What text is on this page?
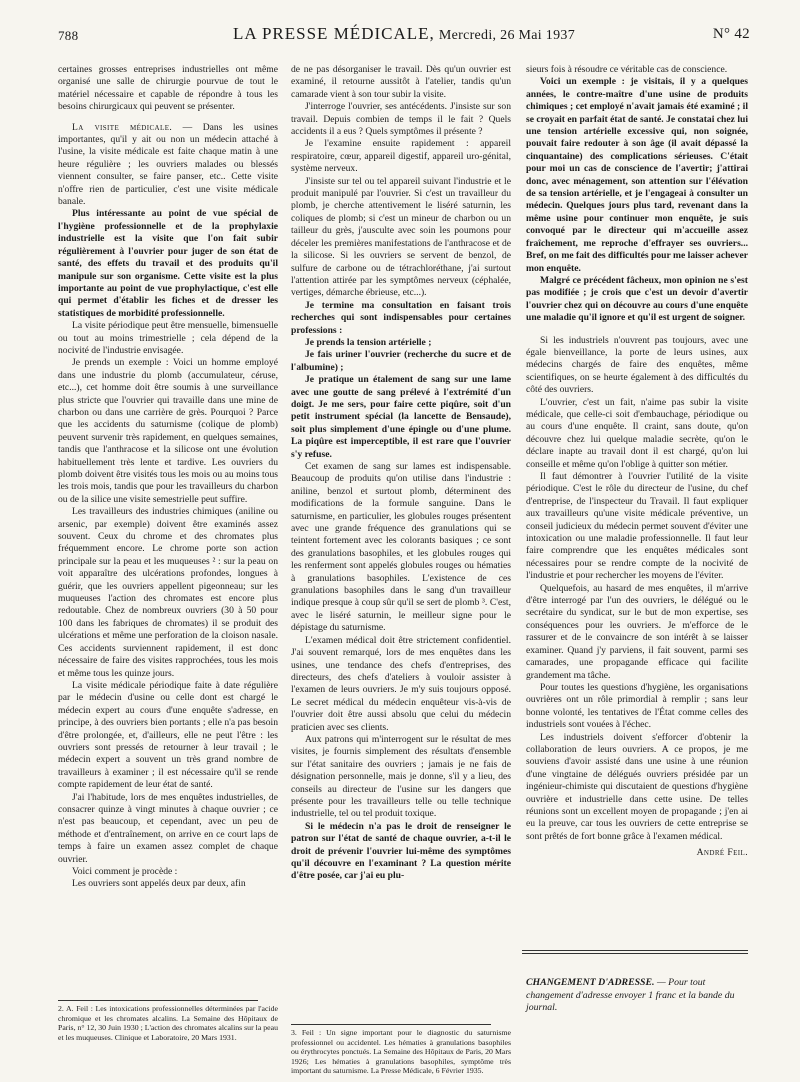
788	LA PRESSE MÉDICALE, Mercredi, 26 Mai 1937	N° 42

certaines grosses entreprises industrielles ont même organisé une salle de chirurgie pourvue de tout le matériel nécessaire et capable de répondre à tous les besoins chirurgicaux qui peuvent se présenter.

La visite médicale. — Dans les usines importantes, qu'il y ait ou non un médecin attaché à l'usine, la visite médicale est faite chaque matin à une heure régulière ; les ouvriers malades ou blessés viennent consulter, se faire panser, etc.. Cette visite n'offre rien de particulier, c'est une visite médicale banale.

Plus intéressante au point de vue spécial de l'hygiène professionnelle et de la prophylaxie industrielle est la visite que l'on fait subir régulièrement à l'ouvrier pour juger de son état de santé, des effets du travail et des produits qu'il manipule sur son organisme. Cette visite est la plus importante au point de vue prophylactique, c'est elle qui permet d'établir les fiches et de dresser les statistiques de morbidité professionnelle.

La visite périodique peut être mensuelle, bimensuelle ou tout au moins trimestrielle ; cela dépend de la nocivité de l'industrie envisagée.

Je prends un exemple : Voici un homme employé dans une industrie du plomb (accumulateur, céruse, etc...), cet homme doit être soumis à une surveillance plus stricte que l'ouvrier qui travaille dans une mine de charbon ou dans une carrière de grès. Pourquoi ? Parce que les accidents du saturnisme (colique de plomb) peuvent survenir très rapidement, en quelques semaines, tandis que l'anthracose et la silicose ont une évolution habituellement très lente et tardive. Les ouvriers du plomb doivent être visités tous les mois ou au moins tous les trois mois, tandis que pour les travailleurs du charbon ou de la silice une visite semestrielle peut suffire.

Les travailleurs des industries chimiques (aniline ou arsenic, par exemple) doivent être examinés assez souvent. Ceux du chrome et des chromates plus fréquemment encore. Le chrome porte son action principale sur la peau et les muqueuses ² : sur la peau on voit apparaître des ulcérations profondes, longues à guérir, que les ouvriers appellent pigeonneau; sur les muqueuses l'action des chromates est encore plus redoutable. Chez de nombreux ouvriers (30 à 50 pour 100 dans les fabriques de chromates) il se produit des ulcérations et même une perforation de la cloison nasale. Ces accidents surviennent rapidement, il est donc nécessaire de faire des visites rapprochées, tous les mois et même tous les quinze jours.

La visite médicale périodique faite à date régulière par le médecin d'usine ou celle dont est chargé le médecin expert au cours d'une enquête s'adresse, en principe, à des ouvriers bien portants ; elle n'a pas besoin d'être prolongée, et, d'ailleurs, elle ne peut l'être : les ouvriers sont pressés de retourner à leur travail ; le médecin expert a souvent un très grand nombre de travailleurs à examiner ; il est nécessaire qu'il se rende compte rapidement de leur état de santé.

J'ai l'habitude, lors de mes enquêtes industrielles, de consacrer quinze à vingt minutes à chaque ouvrier ; ce n'est pas beaucoup, et cependant, avec un peu de méthode et d'entraînement, on arrive en ce court laps de temps à faire un examen assez complet de chaque ouvrier.

Voici comment je procède :

Les ouvriers sont appelés deux par deux, afin

2. A. Feil : Les intoxications professionnelles déterminées par l'acide chromique et les chromates alcalins. La Semaine des Hôpitaux de Paris, n° 12, 30 Juin 1930 ; L'action des chromates alcalins sur la peau et les muqueuses. Clinique et Laboratoire, 20 Mars 1931.

de ne pas désorganiser le travail. Dès qu'un ouvrier est examiné, il retourne aussitôt à l'atelier, tandis qu'un camarade vient à son tour subir la visite.

J'interroge l'ouvrier, ses antécédents. J'insiste sur son travail. Depuis combien de temps il le fait ? Quels accidents il a eus ? Quels symptômes il présente ?

Je l'examine ensuite rapidement : appareil respiratoire, cœur, appareil digestif, appareil uro-génital, système nerveux.

J'insiste sur tel ou tel appareil suivant l'industrie et le produit manipulé par l'ouvrier. Si c'est un travailleur du plomb, je cherche attentivement le liséré saturnin, les coliques de plomb; si c'est un mineur de charbon ou un tailleur du grès, j'ausculte avec soin les poumons pour déceler les premières manifestations de l'anthracose et de la silicose. Si les ouvriers se servent de benzol, de sulfure de carbone ou de tétrachloréthane, j'ai surtout l'attention attirée par les symptômes nerveux (céphalée, vertiges, démarche ébrieuse, etc...).

Je termine ma consultation en faisant trois recherches qui sont indispensables pour certaines professions :

Je prends la tension artérielle ;

Je fais uriner l'ouvrier (recherche du sucre et de l'albumine) ;

Je pratique un étalement de sang sur une lame avec une goutte de sang prélevé à l'extrémité d'un doigt. Je me sers, pour faire cette piqûre, soit d'un petit instrument spécial (la lancette de Bensaude), soit plus simplement d'une épingle ou d'une plume. La piqûre est imperceptible, il est rare que l'ouvrier s'y refuse.

Cet examen de sang sur lames est indispensable. Beaucoup de produits qu'on utilise dans l'industrie : aniline, benzol et surtout plomb, déterminent des modifications de la formule sanguine. Dans le saturnisme, en particulier, les globules rouges présentent avec une grande fréquence des granulations qui se teintent fortement avec les colorants basiques ; ce sont des granulations basophiles, et les globules rouges qui les renferment sont appelés globules rouges ou hématies à granulations basophiles. L'existence de ces granulations basophiles dans le sang d'un travailleur indique presque à coup sûr qu'il se sert de plomb ³. C'est, avec le liséré saturnin, le meilleur signe pour le dépistage du saturnisme.

L'examen médical doit être strictement confidentiel. J'ai souvent remarqué, lors de mes enquêtes dans les usines, une tendance des chefs d'entreprises, des directeurs, des chefs d'ateliers à vouloir assister à l'examen de leurs ouvriers. Je m'y suis toujours opposé. Le secret médical du médecin enquêteur vis-à-vis de l'ouvrier doit être aussi absolu que celui du médecin praticien avec ses clients.

Aux patrons qui m'interrogent sur le résultat de mes visites, je fournis simplement des résultats d'ensemble sur l'état sanitaire des ouvriers ; jamais je ne fais de désignation personnelle, mais je donne, s'il y a lieu, des conseils au directeur de l'usine sur les dangers que présente pour les travailleurs telle ou telle technique industrielle, tel ou tel produit toxique.

Si le médecin n'a pas le droit de renseigner le patron sur l'état de santé de chaque ouvrier, a-t-il le droit de prévenir l'ouvrier lui-même des symptômes qu'il découvre en l'examinant ? La question mérite d'être posée, car j'ai eu plu-

3. Feil : Un signe important pour le diagnostic du saturnisme professionnel ou accidentel. Les hématies à granulations basophiles ou érythrocytes ponctués. La Semaine des Hôpitaux de Paris, 20 Mars 1926; Les hématies à granulations basophiles, symptôme très important du saturnisme. La Presse Médicale, 6 Février 1935.

sieurs fois à résoudre ce véritable cas de conscience.

Voici un exemple : je visitais, il y a quelques années, le contre-maître d'une usine de produits chimiques ; cet employé n'avait jamais été examiné ; il se croyait en parfait état de santé. Je constatai chez lui une tension artérielle excessive qui, non soignée, pouvait faire redouter à son âge (il avait dépassé la cinquantaine) des complications sérieuses. C'était pour moi un cas de conscience de l'avertir; j'attirai donc, avec ménagement, son attention sur l'élévation de sa tension artérielle, et je l'engageai à consulter un médecin. Quelques jours plus tard, revenant dans la même usine pour continuer mon enquête, je suis convoqué par le directeur qui m'accueille assez fraîchement, me reproche d'effrayer ses ouvriers... Bref, on me fait des difficultés pour me laisser achever mon enquête.

Malgré ce précédent fâcheux, mon opinion ne s'est pas modifiée ; je crois que c'est un devoir d'avertir l'ouvrier chez qui on découvre au cours d'une enquête une maladie qu'il ignore et qu'il est urgent de soigner.

Si les industriels n'ouvrent pas toujours, avec une égale bienveillance, la porte de leurs usines, aux médecins chargés de faire des enquêtes, même scientifiques, on se heurte également à des difficultés du côté des ouvriers.

L'ouvrier, c'est un fait, n'aime pas subir la visite médicale, que celle-ci soit d'embauchage, périodique ou au cours d'une enquête. Il craint, sans doute, qu'on découvre chez lui quelque maladie secrète, qu'on le déclare inapte au travail dont il est chargé, qu'on lui conseille et même qu'on l'oblige à quitter son métier.

Il faut démontrer à l'ouvrier l'utilité de la visite périodique. C'est le rôle du directeur de l'usine, du chef d'entreprise, de l'inspecteur du Travail. Il faut expliquer aux travailleurs qu'une visite médicale préventive, un conseil judicieux du médecin permet souvent d'éviter une intoxication ou une maladie professionnelle. Il faut leur faire comprendre que les enquêtes médicales sont nécessaires pour se rendre compte de la nocivité de l'industrie et pour rechercher les moyens de l'éviter.

Quelquefois, au hasard de mes enquêtes, il m'arrive d'être interrogé par l'un des ouvriers, le délégué ou le secrétaire du syndicat, sur le but de mon expertise, ses conséquences pour les ouvriers. Je m'efforce de le rassurer et de le convaincre de son intérêt à se laisser examiner. Quand j'y parviens, il fait souvent, parmi ses camarades, une propagande efficace qui facilite grandement ma tâche.

Pour toutes les questions d'hygiène, les organisations ouvrières ont un rôle primordial à remplir ; sans leur bonne volonté, les tentatives de l'État comme celles des industriels sont vouées à l'échec.

Les industriels doivent s'efforcer d'obtenir la collaboration de leurs ouvriers. A ce propos, je me souviens d'avoir assisté dans une usine à une réunion d'une vingtaine de délégués ouvriers présidée par un ingénieur-chimiste qui discutaient de questions d'hygiène ouvrière et industrielle dans cette usine. De telles réunions sont un excellent moyen de propagande ; j'en ai eu la preuve, car tous les ouvriers de cette entreprise se sont prêtés de fort bonne grâce à l'examen médical.

André Feil.

CHANGEMENT D'ADRESSE. — Pour tout changement d'adresse envoyer 1 franc et la bande du journal.
